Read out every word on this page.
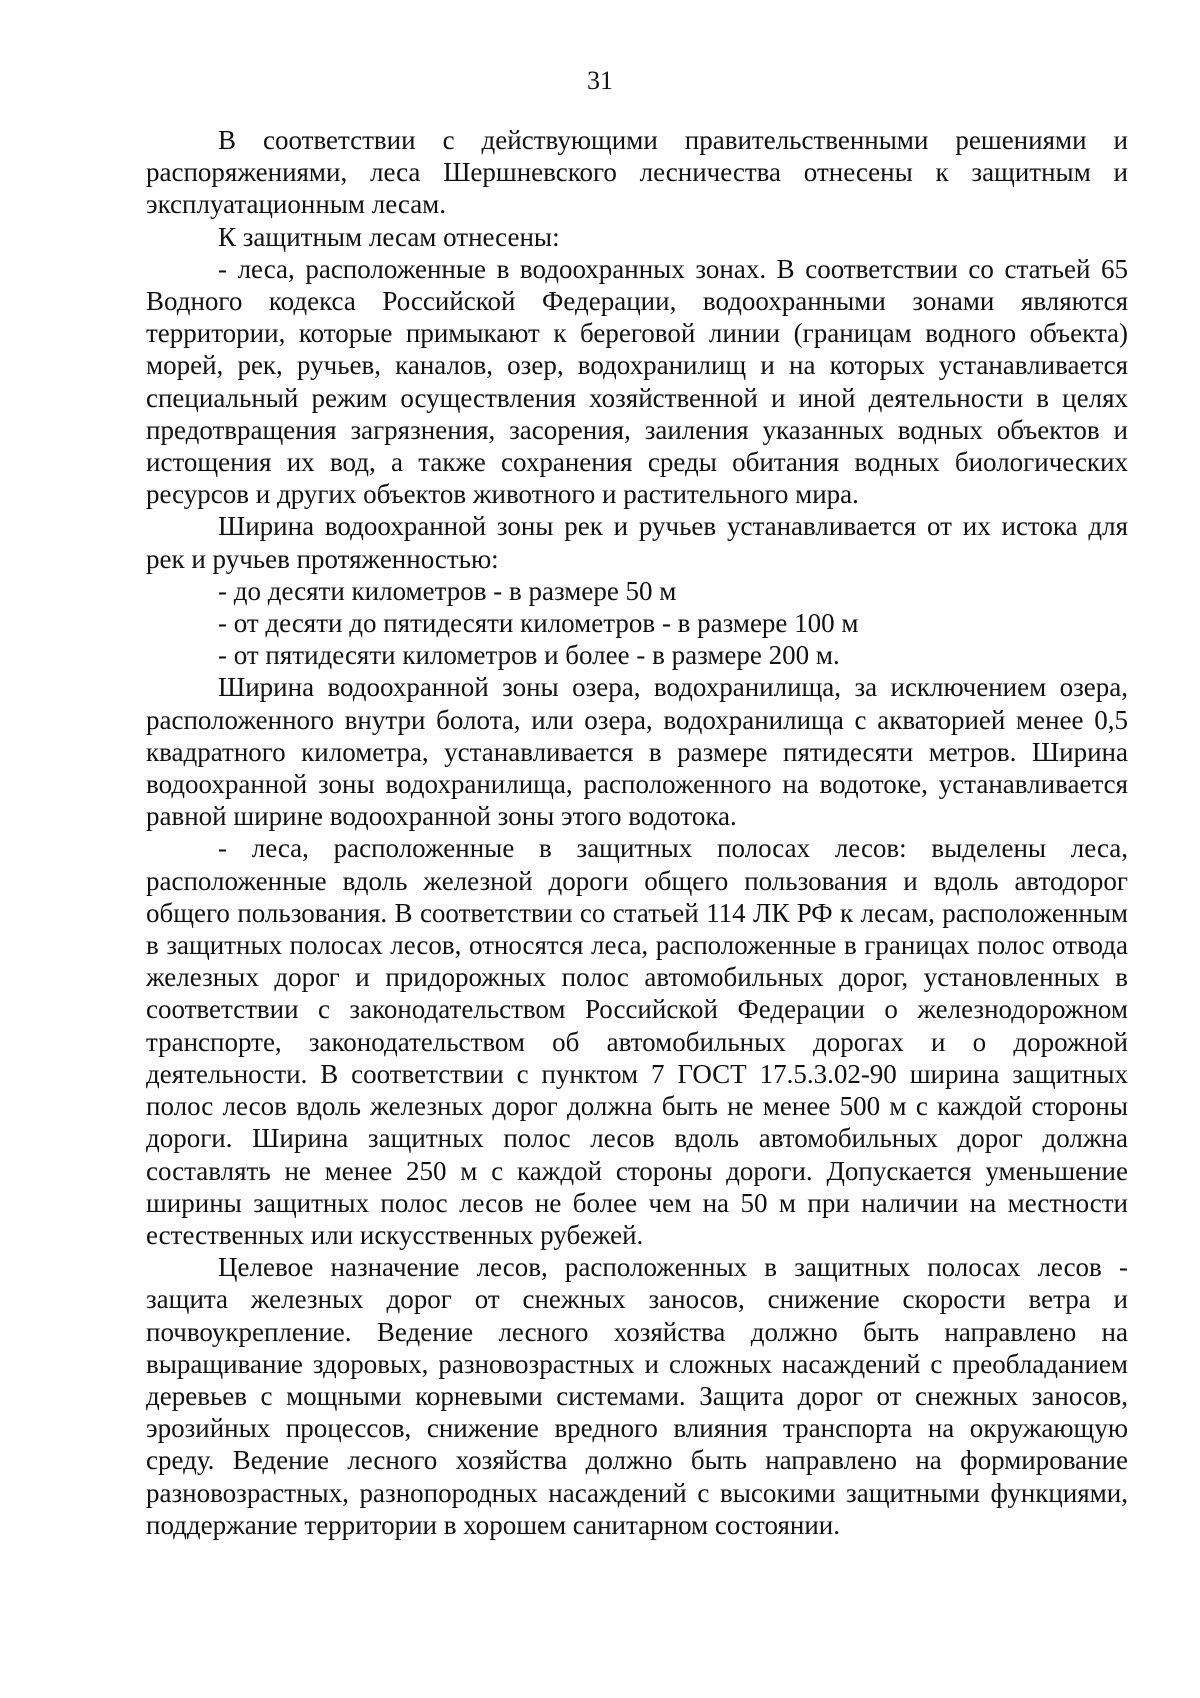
31

В соответствии с действующими правительственными решениями и распоряжениями, леса Шершневского лесничества отнесены к защитным и эксплуатационным лесам.

К защитным лесам отнесены:

- леса, расположенные в водоохранных зонах. В соответствии со статьей 65 Водного кодекса Российской Федерации, водоохранными зонами являются территории, которые примыкают к береговой линии (границам водного объекта) морей, рек, ручьев, каналов, озер, водохранилищ и на которых устанавливается специальный режим осуществления хозяйственной и иной деятельности в целях предотвращения загрязнения, засорения, заиления указанных водных объектов и истощения их вод, а также сохранения среды обитания водных биологических ресурсов и других объектов животного и растительного мира.

Ширина водоохранной зоны рек и ручьев устанавливается от их истока для рек и ручьев протяженностью:

- до десяти километров - в размере 50 м

- от десяти до пятидесяти километров - в размере 100 м

- от пятидесяти километров и более - в размере 200 м.

Ширина водоохранной зоны озера, водохранилища, за исключением озера, расположенного внутри болота, или озера, водохранилища с акваторией менее 0,5 квадратного километра, устанавливается в размере пятидесяти метров. Ширина водоохранной зоны водохранилища, расположенного на водотоке, устанавливается равной ширине водоохранной зоны этого водотока.

- леса, расположенные в защитных полосах лесов: выделены леса, расположенные вдоль железной дороги общего пользования и вдоль автодорог общего пользования. В соответствии со статьей 114 ЛК РФ к лесам, расположенным в защитных полосах лесов, относятся леса, расположенные в границах полос отвода железных дорог и придорожных полос автомобильных дорог, установленных в соответствии с законодательством Российской Федерации о железнодорожном транспорте, законодательством об автомобильных дорогах и о дорожной деятельности. В соответствии с пунктом 7 ГОСТ 17.5.3.02-90 ширина защитных полос лесов вдоль железных дорог должна быть не менее 500 м с каждой стороны дороги. Ширина защитных полос лесов вдоль автомобильных дорог должна составлять не менее 250 м с каждой стороны дороги. Допускается уменьшение ширины защитных полос лесов не более чем на 50 м при наличии на местности естественных или искусственных рубежей.

Целевое назначение лесов, расположенных в защитных полосах лесов - защита железных дорог от снежных заносов, снижение скорости ветра и почвоукрепление. Ведение лесного хозяйства должно быть направлено на выращивание здоровых, разновозрастных и сложных насаждений с преобладанием деревьев с мощными корневыми системами. Защита дорог от снежных заносов, эрозийных процессов, снижение вредного влияния транспорта на окружающую среду. Ведение лесного хозяйства должно быть направлено на формирование разновозрастных, разнопородных насаждений с высокими защитными функциями, поддержание территории в хорошем санитарном состоянии.
